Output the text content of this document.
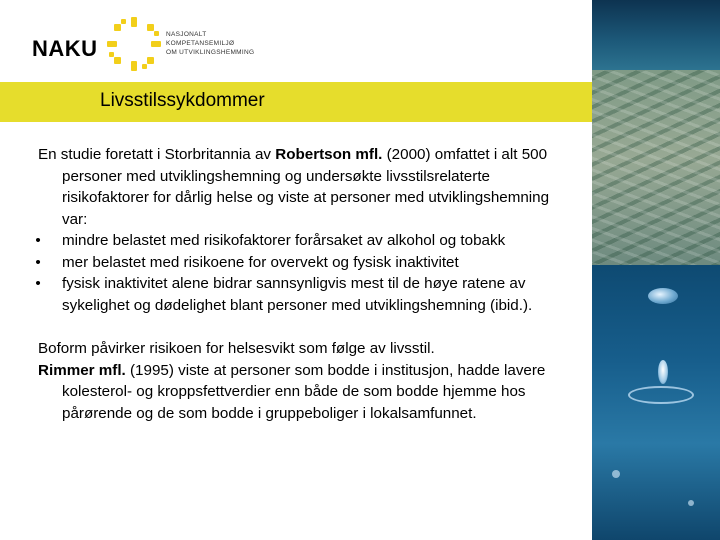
NAKU
NASJONALT KOMPETANSEMILJØ
OM UTVIKLINGSHEMMING
Livsstilssykdommer

En studie foretatt i Storbritannia av Robertson mfl. (2000) omfattet i alt 500 personer med utviklingshemning og undersøkte livsstilsrelaterte risikofaktorer for dårlig helse og viste at personer med utviklingshemning var:

• mindre belastet med risikofaktorer forårsaket av alkohol og tobakk
• mer belastet med risikoene for overvekt og fysisk inaktivitet
• fysisk inaktivitet alene bidrar sannsynligvis mest til de høye ratene av sykelighet og dødelighet blant personer med utviklingshemning (ibid.).

Boform påvirker risikoen for helsesvikt som følge av livsstil.

Rimmer mfl. (1995) viste at personer som bodde i institusjon, hadde lavere kolesterol- og kroppsfettverdier enn både de som bodde hjemme hos pårørende og de som bodde i gruppeboliger i lokalsamfunnet.
